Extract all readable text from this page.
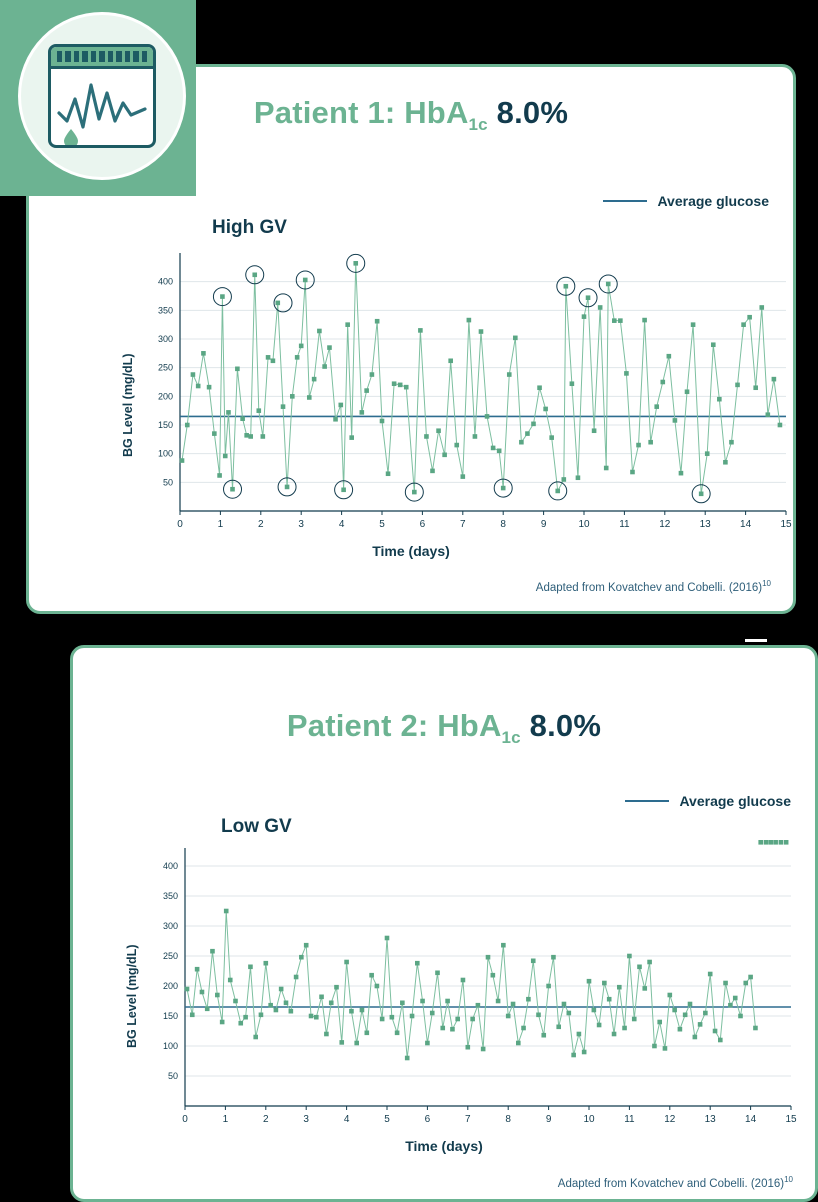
Patient 1: HbA$_{1c}$ 8.0%
Average glucose
High GV
BG Level (mg/dL)
50
100
150
200
250
300
350
400
0	1	2	3	4	5	6	7	8	9	10	11	12	13	14	15
Time (days)
Adapted from Kovatchev and Cobelli. $(2016)^{10}$
Patient 2: HbA$_{1c}$ 8.0%
Average glucose
Low GV
BG Level (mg/dL)
50
100
150
200
250
300
350
400
0	1	2	3	4	5	6	7	8	9	10	11	12	13	14	15
Time (days)
Adapted from Kovatchev and Cobelli. $(2016)^{10}$
